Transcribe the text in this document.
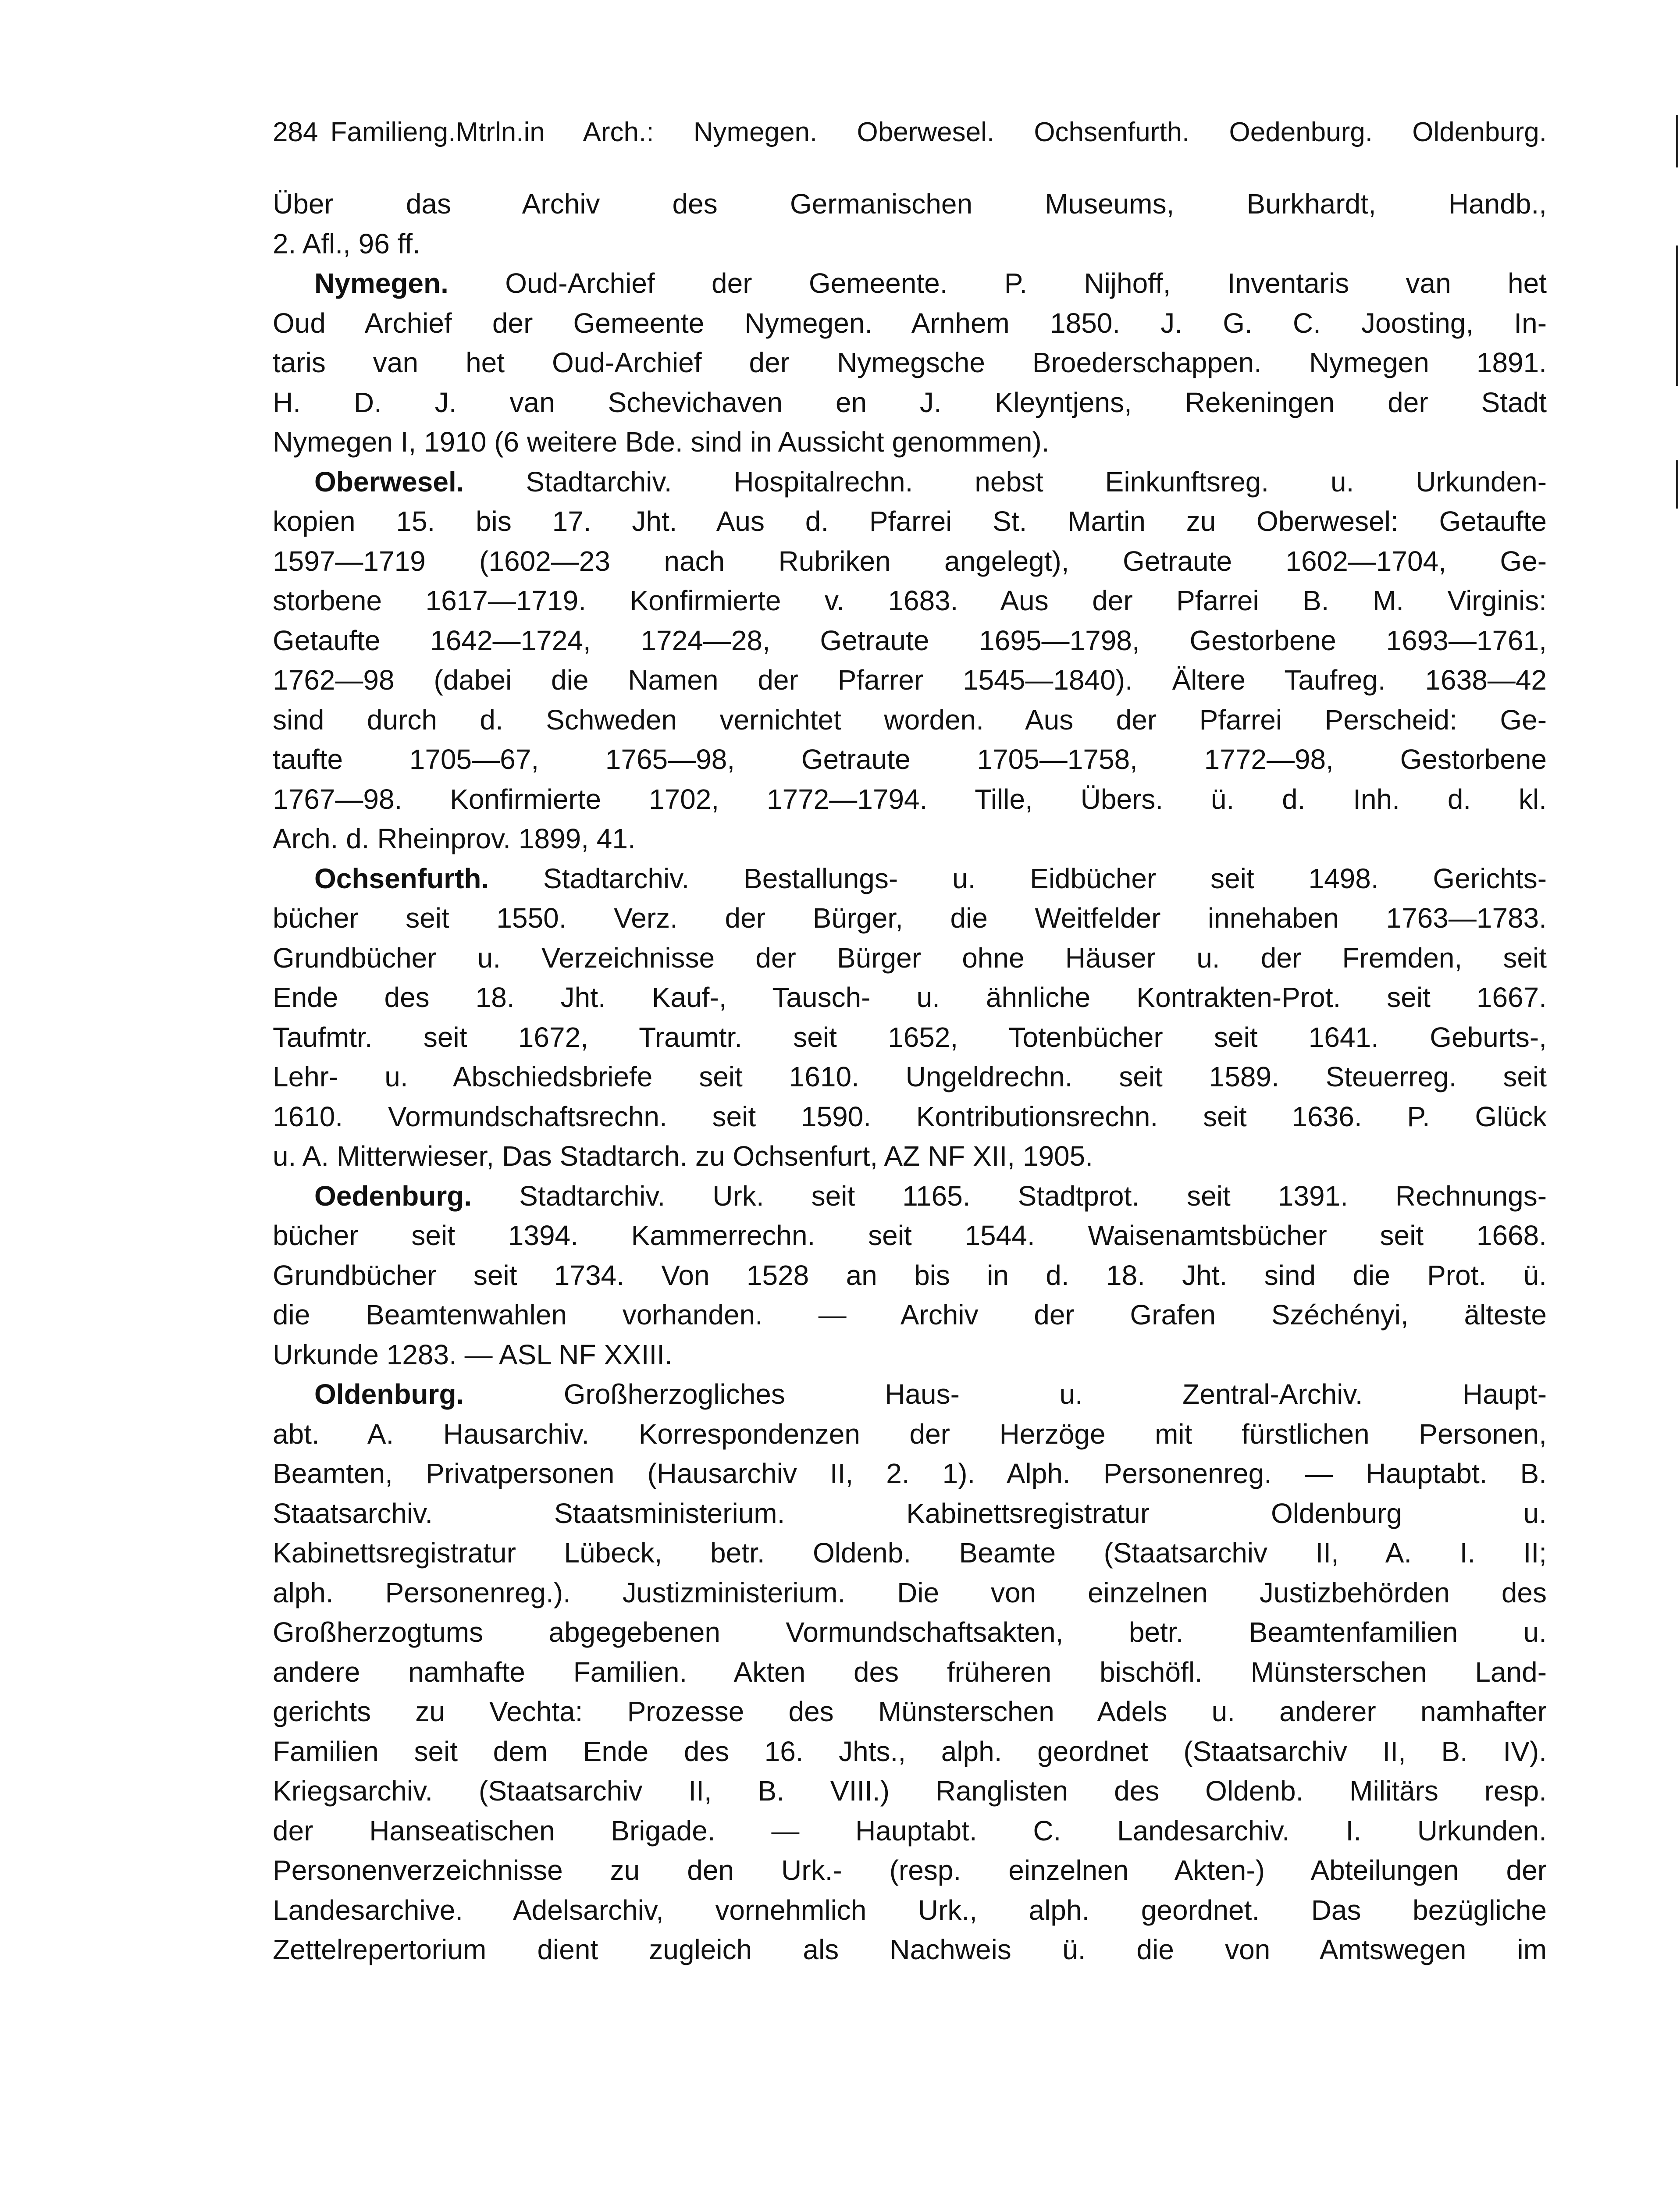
284 Familieng.Mtrln.in Arch.: Nymegen. Oberwesel. Ochsenfurth. Oedenburg. Oldenburg.
Über das Archiv des Germanischen Museums, Burkhardt, Handb.,
2. Afl., 96 ff.
Nymegen. Oud-Archief der Gemeente. P. Nijhoff, Inventaris van het
Oud Archief der Gemeente Nymegen. Arnhem 1850. J. G. C. Joosting, In-
taris van het Oud-Archief der Nymegsche Broederschappen. Nymegen 1891.
H. D. J. van Schevichaven en J. Kleyntjens, Rekeningen der Stadt
Nymegen I, 1910 (6 weitere Bde. sind in Aussicht genommen).
Oberwesel. Stadtarchiv. Hospitalrechn. nebst Einkunftsreg. u. Urkunden-
kopien 15. bis 17. Jht. Aus d. Pfarrei St. Martin zu Oberwesel: Getaufte
1597—1719 (1602—23 nach Rubriken angelegt), Getraute 1602—1704, Ge-
storbene 1617—1719. Konfirmierte v. 1683. Aus der Pfarrei B. M. Virginis:
Getaufte 1642—1724, 1724—28, Getraute 1695—1798, Gestorbene 1693—1761,
1762—98 (dabei die Namen der Pfarrer 1545—1840). Ältere Taufreg. 1638—42
sind durch d. Schweden vernichtet worden. Aus der Pfarrei Perscheid: Ge-
taufte 1705—67, 1765—98, Getraute 1705—1758, 1772—98, Gestorbene
1767—98. Konfirmierte 1702, 1772—1794. Tille, Übers. ü. d. Inh. d. kl.
Arch. d. Rheinprov. 1899, 41.
Ochsenfurth. Stadtarchiv. Bestallungs- u. Eidbücher seit 1498. Gerichts-
bücher seit 1550. Verz. der Bürger, die Weitfelder innehaben 1763—1783.
Grundbücher u. Verzeichnisse der Bürger ohne Häuser u. der Fremden, seit
Ende des 18. Jht. Kauf-, Tausch- u. ähnliche Kontrakten-Prot. seit 1667.
Taufmtr. seit 1672, Traumtr. seit 1652, Totenbücher seit 1641. Geburts-,
Lehr- u. Abschiedsbriefe seit 1610. Ungeldrechn. seit 1589. Steuerreg. seit
1610. Vormundschaftsrechn. seit 1590. Kontributionsrechn. seit 1636. P. Glück
u. A. Mitterwieser, Das Stadtarch. zu Ochsenfurt, AZ NF XII, 1905.
Oedenburg. Stadtarchiv. Urk. seit 1165. Stadtprot. seit 1391. Rechnungs-
bücher seit 1394. Kammerrechn. seit 1544. Waisenamtsbücher seit 1668.
Grundbücher seit 1734. Von 1528 an bis in d. 18. Jht. sind die Prot. ü.
die Beamtenwahlen vorhanden. — Archiv der Grafen Széchényi, älteste
Urkunde 1283. — ASL NF XXIII.
Oldenburg.	Großherzogliches Haus- u. Zentral-Archiv. Haupt-
abt. A. Hausarchiv. Korrespondenzen der Herzöge mit fürstlichen Personen,
Beamten, Privatpersonen (Hausarchiv II, 2. 1). Alph. Personenreg. — Hauptabt. B.
Staatsarchiv. Staatsministerium. Kabinettsregistratur Oldenburg u.
Kabinettsregistratur Lübeck, betr. Oldenb. Beamte (Staatsarchiv II, A. I. II;
alph. Personenreg.). Justizministerium. Die von einzelnen Justizbehörden des
Großherzogtums abgegebenen Vormundschaftsakten, betr. Beamtenfamilien u.
andere namhafte Familien. Akten des früheren bischöfl. Münsterschen Land-
gerichts zu Vechta: Prozesse des Münsterschen Adels u. anderer namhafter
Familien seit dem Ende des 16. Jhts., alph. geordnet (Staatsarchiv II, B. IV).
Kriegsarchiv. (Staatsarchiv II, B. VIII.) Ranglisten des Oldenb. Militärs resp.
der Hanseatischen Brigade. — Hauptabt. C. Landesarchiv. I. Urkunden.
Personenverzeichnisse zu den Urk.- (resp. einzelnen Akten-) Abteilungen der
Landesarchive. Adelsarchiv, vornehmlich Urk., alph. geordnet. Das bezügliche
Zettelrepertorium dient zugleich als Nachweis ü. die von Amtswegen im
